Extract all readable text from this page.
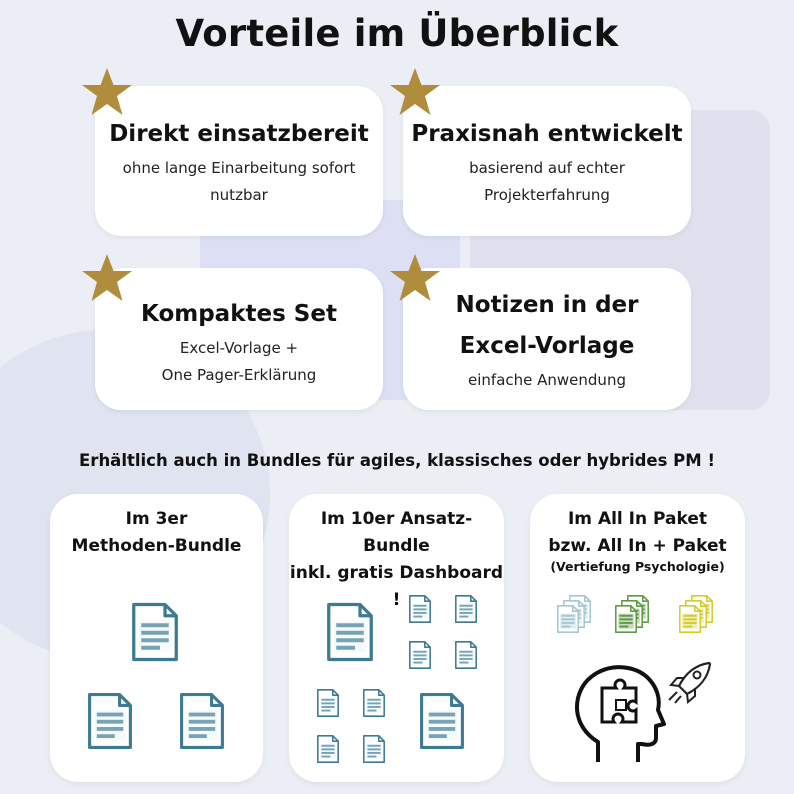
Vorteile im Überblick
Direkt einsatzbereit
ohne lange Einarbeitung sofort
nutzbar
Praxisnah entwickelt
basierend auf echter
Projekterfahrung
Kompaktes Set
Excel-Vorlage +
One Pager-Erklärung
Notizen in der
Excel-Vorlage
einfache Anwendung
Erhältlich auch in Bundles für agiles, klassisches oder hybrides PM !
Im 3er
Methoden-Bundle
Im 10er Ansatz-Bundle
inkl. gratis Dashboard !
Im All In Paket
bzw. All In + Paket
(Vertiefung Psychologie)
